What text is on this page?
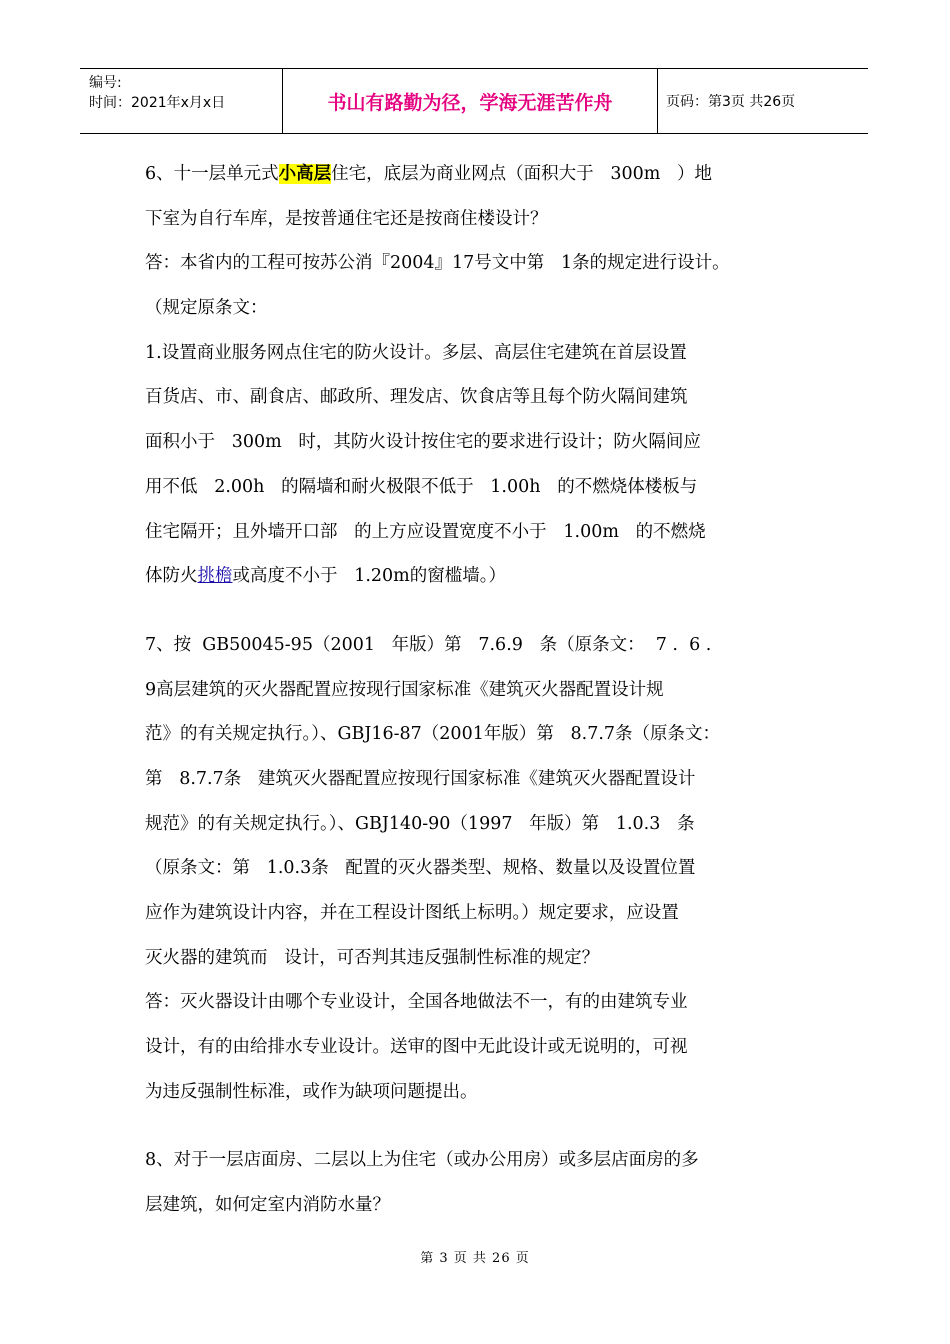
编号:
时间：2021年x月x日	书山有路勤为径，学海无涯苦作舟	页码：第3页 共26页
6、十一层单元式小高层住宅，底层为商业网点（面积大于   300m   ）地
下室为自行车库，是按普通住宅还是按商住楼设计？
答：本省内的工程可按苏公消『2004』17号文中第   1条的规定进行设计。
（规定原条文：
1.设置商业服务网点住宅的防火设计。多层、高层住宅建筑在首层设置
百货店、市、副食店、邮政所、理发店、饮食店等且每个防火隔间建筑
面积小于   300m   时，其防火设计按住宅的要求进行设计；防火隔间应
用不低   2.00h   的隔墙和耐火极限不低于   1.00h   的不燃烧体楼板与
住宅隔开；且外墙开口部   的上方应设置宽度不小于   1.00m   的不燃烧
体防火挑檐或高度不小于   1.20m的窗槛墙。）
7、按  GB50045-95（2001   年版）第   7.6.9   条（原条文：  7 .  6 .
9高层建筑的灭火器配置应按现行国家标准《建筑灭火器配置设计规
范》的有关规定执行。）、GBJ16-87（2001年版）第   8.7.7条（原条文：
第   8.7.7条   建筑灭火器配置应按现行国家标准《建筑灭火器配置设计
规范》的有关规定执行。）、GBJ140-90（1997   年版）第   1.0.3   条
（原条文：第   1.0.3条   配置的灭火器类型、规格、数量以及设置位置
应作为建筑设计内容，并在工程设计图纸上标明。）规定要求，应设置
灭火器的建筑而   设计，可否判其违反强制性标准的规定？
答：灭火器设计由哪个专业设计，全国各地做法不一，有的由建筑专业
设计，有的由给排水专业设计。送审的图中无此设计或无说明的，可视
为违反强制性标准，或作为缺项问题提出。
8、对于一层店面房、二层以上为住宅（或办公用房）或多层店面房的多
层建筑，如何定室内消防水量？
第 3 页 共 26 页
